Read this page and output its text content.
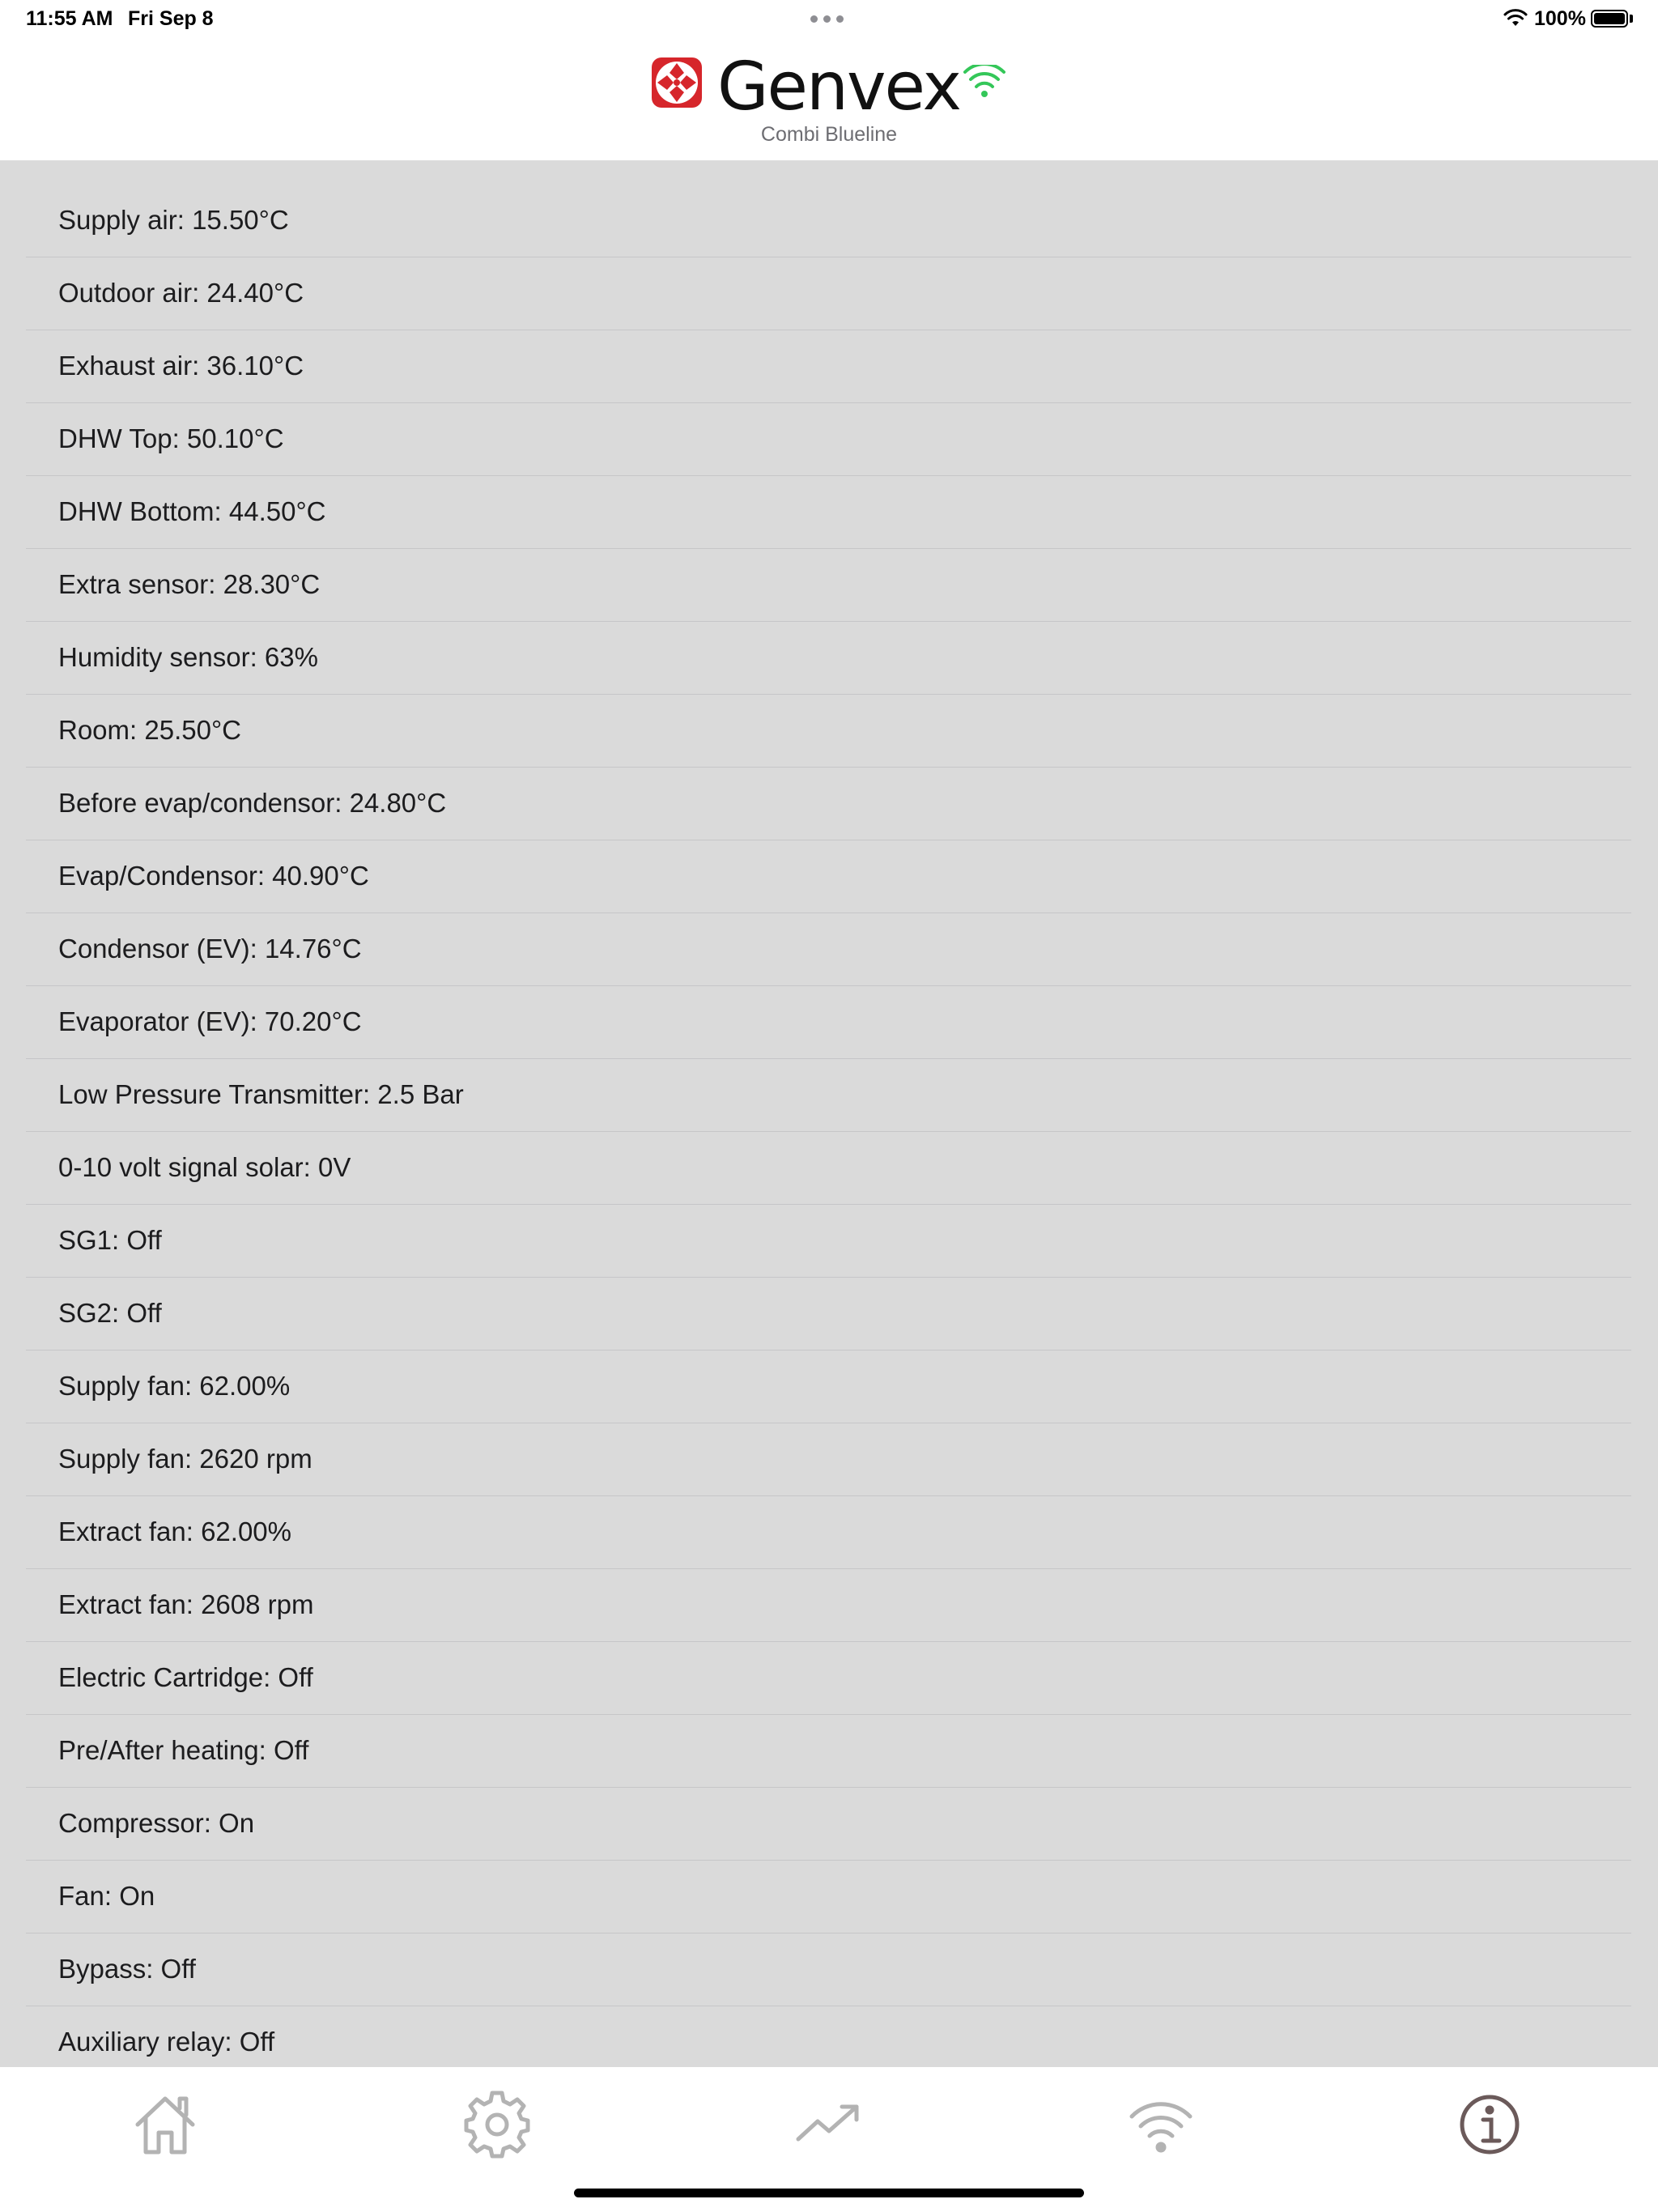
11:55 AM Fri Sep 8	100%
Genvex
Combi Blueline
Supply air: 15.50°C
Outdoor air: 24.40°C
Exhaust air: 36.10°C
DHW Top: 50.10°C
DHW Bottom: 44.50°C
Extra sensor: 28.30°C
Humidity sensor: 63%
Room: 25.50°C
Before evap/condensor: 24.80°C
Evap/Condensor: 40.90°C
Condensor (EV): 14.76°C
Evaporator (EV): 70.20°C
Low Pressure Transmitter: 2.5 Bar
0-10 volt signal solar: 0V
SG1: Off
SG2: Off
Supply fan: 62.00%
Supply fan: 2620 rpm
Extract fan: 62.00%
Extract fan: 2608 rpm
Electric Cartridge: Off
Pre/After heating: Off
Compressor: On
Fan: On
Bypass: Off
Auxiliary relay: Off
